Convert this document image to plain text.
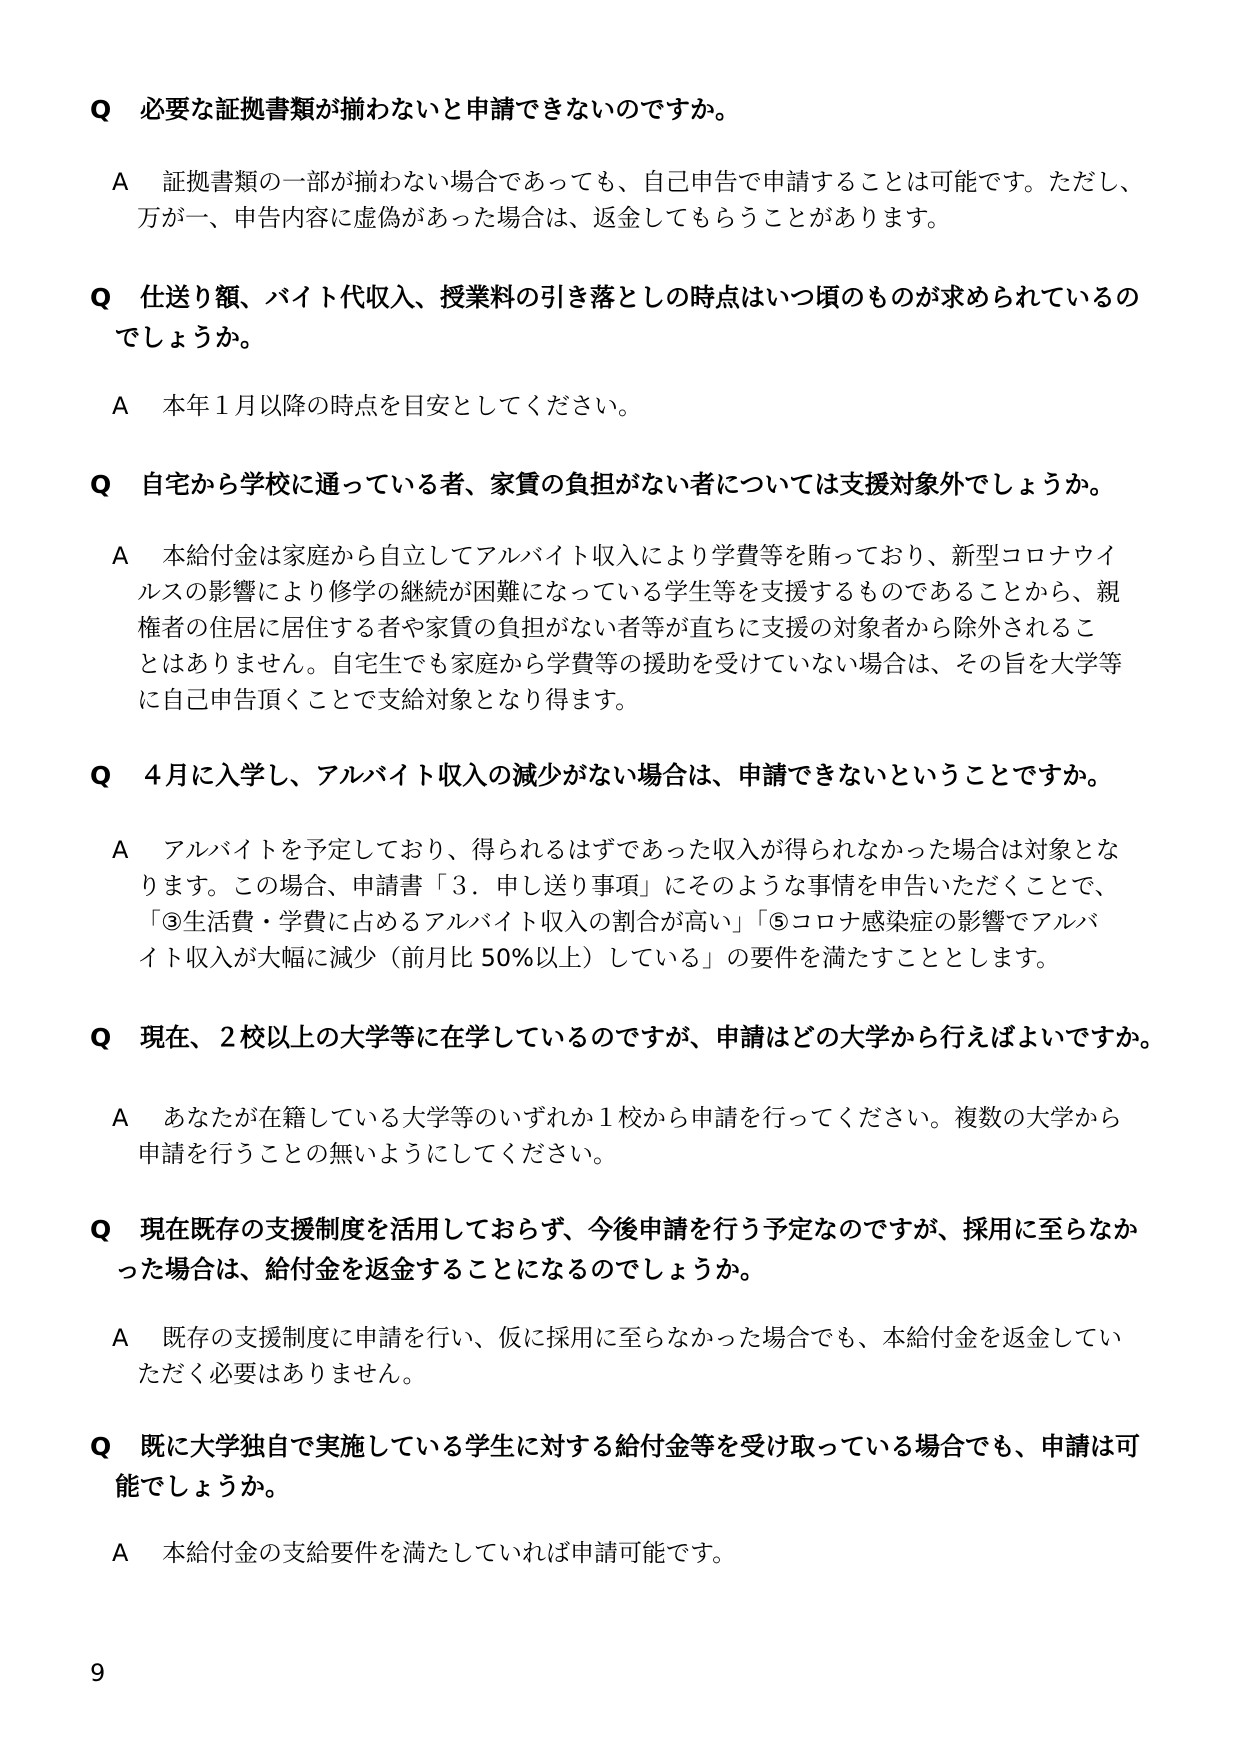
Q	必要な証拠書類が揃わないと申請できないのですか。
A	証拠書類の一部が揃わない場合であっても、自己申告で申請することは可能です。ただし、
万が一、申告内容に虚偽があった場合は、返金してもらうことがあります。
Q	仕送り額、バイト代収入、授業料の引き落としの時点はいつ頃のものが求められているの
でしょうか。
A	本年１月以降の時点を目安としてください。
Q	自宅から学校に通っている者、家賃の負担がない者については支援対象外でしょうか。
A	本給付金は家庭から自立してアルバイト収入により学費等を賄っており、新型コロナウイ
ルスの影響により修学の継続が困難になっている学生等を支援するものであることから、親
権者の住居に居住する者や家賃の負担がない者等が直ちに支援の対象者から除外されるこ
とはありません。自宅生でも家庭から学費等の援助を受けていない場合は、その旨を大学等
に自己申告頂くことで支給対象となり得ます。
Q	４月に入学し、アルバイト収入の減少がない場合は、申請できないということですか。
A	アルバイトを予定しており、得られるはずであった収入が得られなかった場合は対象とな
ります。この場合、申請書「３．申し送り事項」にそのような事情を申告いただくことで、
「③生活費・学費に占めるアルバイト収入の割合が高い」「⑤コロナ感染症の影響でアルバ
イト収入が大幅に減少（前月比 50%以上）している」の要件を満たすこととします。
Q	現在、２校以上の大学等に在学しているのですが、申請はどの大学から行えばよいですか。
A	あなたが在籍している大学等のいずれか１校から申請を行ってください。複数の大学から
申請を行うことの無いようにしてください。
Q	現在既存の支援制度を活用しておらず、今後申請を行う予定なのですが、採用に至らなか
った場合は、給付金を返金することになるのでしょうか。
A	既存の支援制度に申請を行い、仮に採用に至らなかった場合でも、本給付金を返金してい
ただく必要はありません。
Q	既に大学独自で実施している学生に対する給付金等を受け取っている場合でも、申請は可
能でしょうか。
A	本給付金の支給要件を満たしていれば申請可能です。
9
